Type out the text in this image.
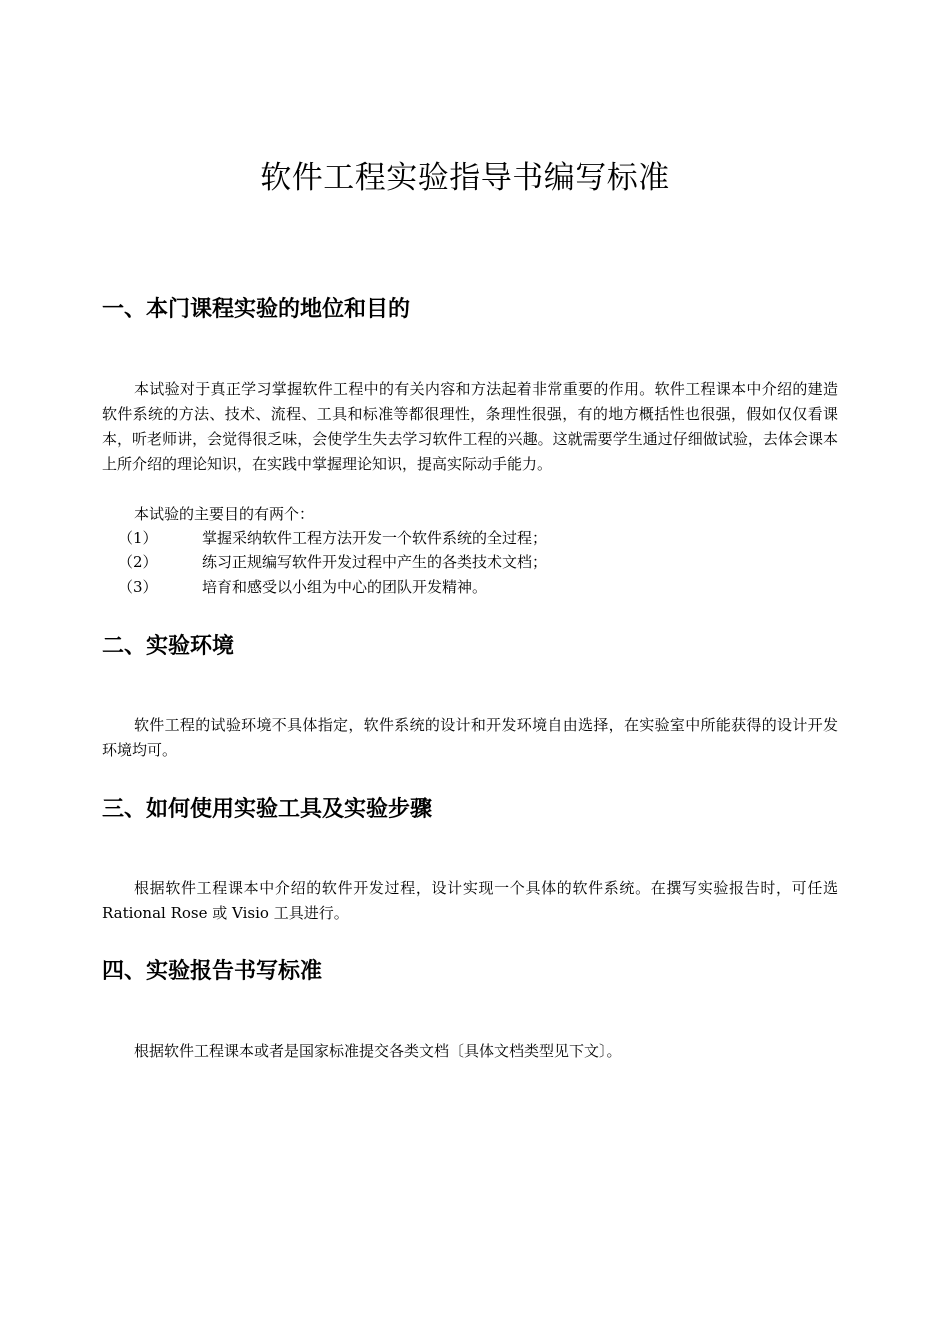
软件工程实验指导书编写标准
一、本门课程实验的地位和目的

本试验对于真正学习掌握软件工程中的有关内容和方法起着非常重要的作用。软件工程课本中介绍的建造软件系统的方法、技术、流程、工具和标准等都很理性，条理性很强，有的地方概括性也很强，假如仅仅看课本，听老师讲，会觉得很乏味，会使学生失去学习软件工程的兴趣。这就需要学生通过仔细做试验，去体会课本上所介绍的理论知识，在实践中掌握理论知识，提高实际动手能力。

本试验的主要目的有两个：

（1）	掌握采纳软件工程方法开发一个软件系统的全过程；
（2）	练习正规编写软件开发过程中产生的各类技术文档；
（3）	培育和感受以小组为中心的团队开发精神。
二、实验环境

软件工程的试验环境不具体指定，软件系统的设计和开发环境自由选择，在实验室中所能获得的设计开发环境均可。

三、如何使用实验工具及实验步骤

根据软件工程课本中介绍的软件开发过程，设计实现一个具体的软件系统。在撰写实验报告时，可任选 Rational Rose 或 Visio 工具进行。

四、实验报告书写标准

根据软件工程课本或者是国家标准提交各类文档〔具体文档类型见下文〕。
